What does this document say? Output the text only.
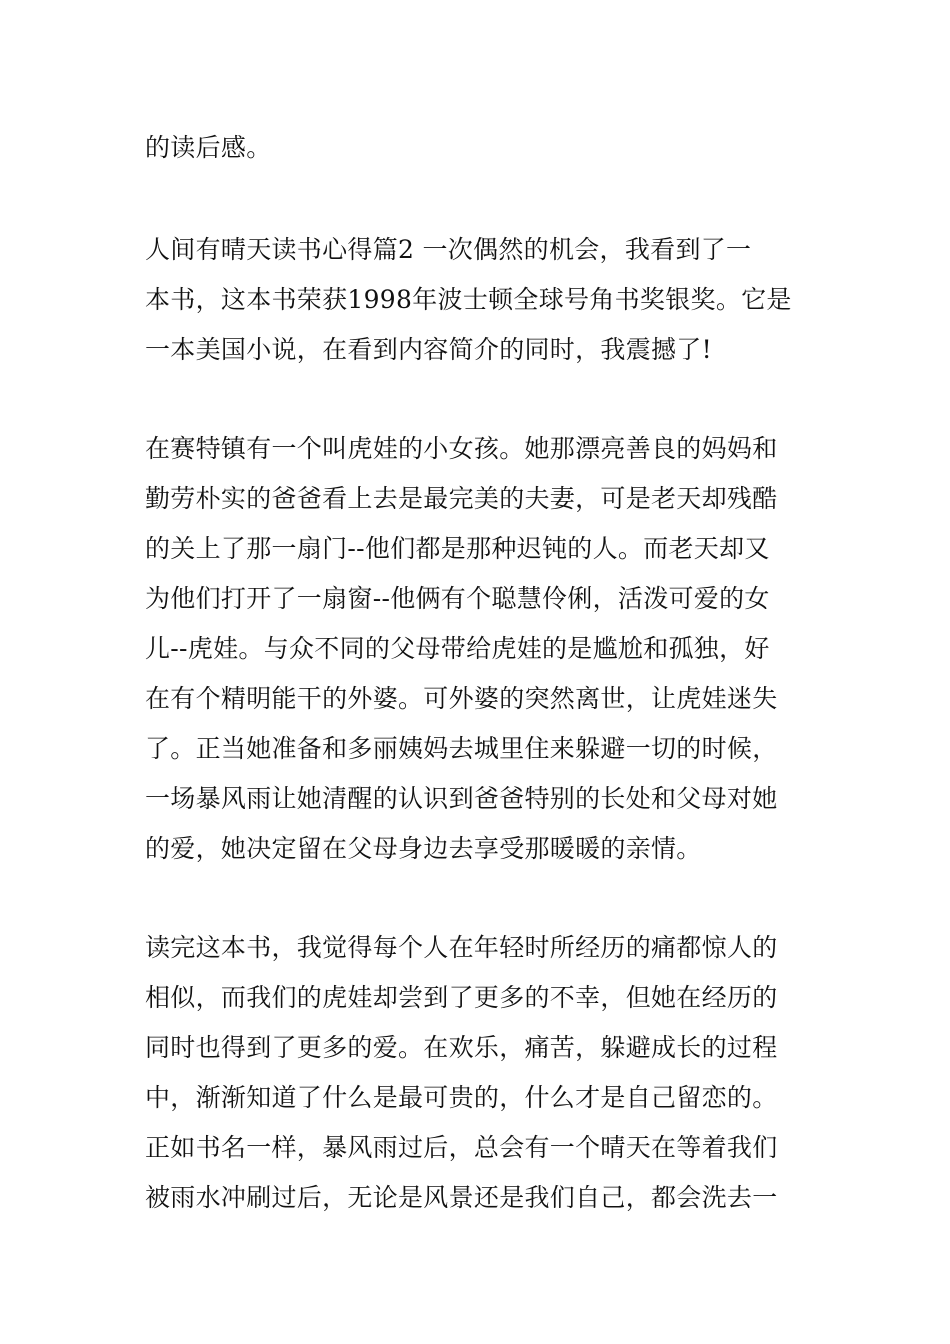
的读后感。
人间有晴天读书心得篇2 一次偶然的机会，我看到了一
本书，这本书荣获1998年波士顿全球号角书奖银奖。它是
一本美国小说，在看到内容简介的同时，我震撼了!
在赛特镇有一个叫虎娃的小女孩。她那漂亮善良的妈妈和
勤劳朴实的爸爸看上去是最完美的夫妻，可是老天却残酷
的关上了那一扇门--他们都是那种迟钝的人。而老天却又
为他们打开了一扇窗--他俩有个聪慧伶俐，活泼可爱的女
儿--虎娃。与众不同的父母带给虎娃的是尴尬和孤独，好
在有个精明能干的外婆。可外婆的突然离世，让虎娃迷失
了。正当她准备和多丽姨妈去城里住来躲避一切的时候，
一场暴风雨让她清醒的认识到爸爸特别的长处和父母对她
的爱，她决定留在父母身边去享受那暖暖的亲情。
读完这本书，我觉得每个人在年轻时所经历的痛都惊人的
相似，而我们的虎娃却尝到了更多的不幸，但她在经历的
同时也得到了更多的爱。在欢乐，痛苦，躲避成长的过程
中，渐渐知道了什么是最可贵的，什么才是自己留恋的。
正如书名一样，暴风雨过后，总会有一个晴天在等着我们
被雨水冲刷过后，无论是风景还是我们自己，都会洗去一
